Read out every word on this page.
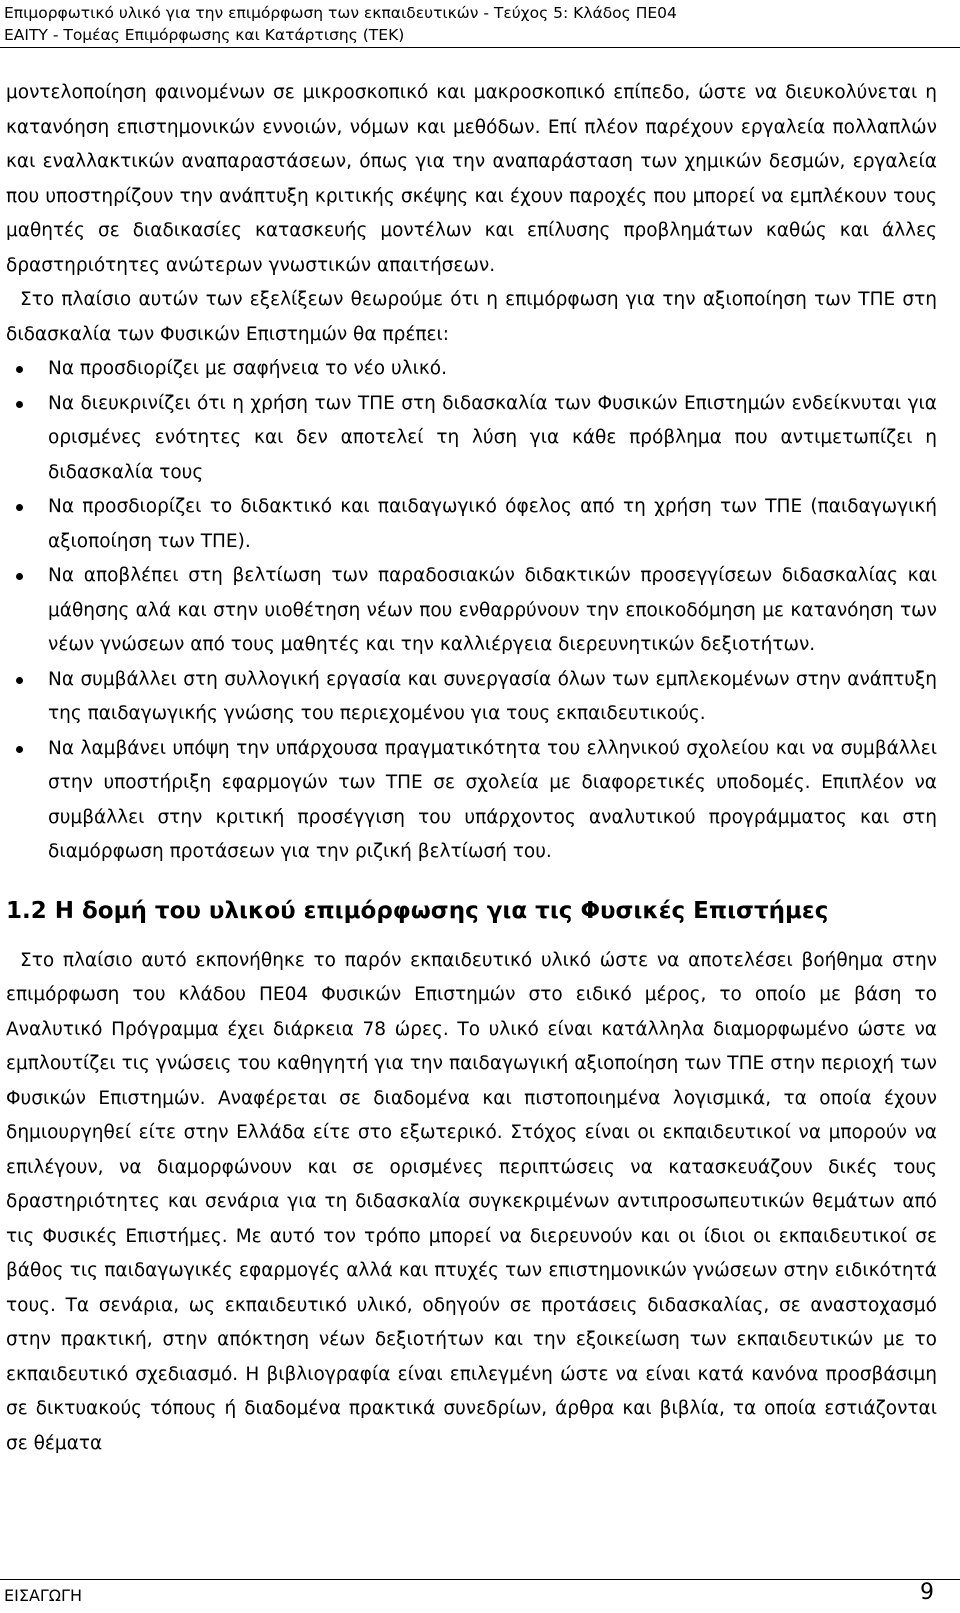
Επιμορφωτικό υλικό για την επιμόρφωση των εκπαιδευτικών - Τεύχος 5: Κλάδος ΠΕ04
ΕΑΙΤΥ - Τομέας Επιμόρφωσης και Κατάρτισης (ΤΕΚ)

μοντελοποίηση φαινομένων σε μικροσκοπικό και μακροσκοπικό επίπεδο, ώστε να διευκολύνεται η κατανόηση επιστημονικών εννοιών, νόμων και μεθόδων. Επί πλέον παρέχουν εργαλεία πολλαπλών και εναλλακτικών αναπαραστάσεων, όπως για την αναπαράσταση των χημικών δεσμών, εργαλεία που υποστηρίζουν την ανάπτυξη κριτικής σκέψης και έχουν παροχές που μπορεί να εμπλέκουν τους μαθητές σε διαδικασίες κατασκευής μοντέλων και επίλυσης προβλημάτων καθώς και άλλες δραστηριότητες ανώτερων γνωστικών απαιτήσεων.

Στο πλαίσιο αυτών των εξελίξεων θεωρούμε ότι η επιμόρφωση για την αξιοποίηση των ΤΠΕ στη διδασκαλία των Φυσικών Επιστημών θα πρέπει:

Να προσδιορίζει με σαφήνεια το νέο υλικό.
Να διευκρινίζει ότι η χρήση των ΤΠΕ στη διδασκαλία των Φυσικών Επιστημών ενδείκνυται για ορισμένες ενότητες και δεν αποτελεί τη λύση για κάθε πρόβλημα που αντιμετωπίζει η διδασκαλία τους
Να προσδιορίζει το διδακτικό και παιδαγωγικό όφελος από τη χρήση των ΤΠΕ (παιδαγωγική αξιοποίηση των ΤΠΕ).
Να αποβλέπει στη βελτίωση των παραδοσιακών διδακτικών προσεγγίσεων διδασκαλίας και μάθησης αλά και στην υιοθέτηση νέων που ενθαρρύνουν την εποικοδόμηση με κατανόηση των νέων γνώσεων από τους μαθητές και την καλλιέργεια διερευνητικών δεξιοτήτων.
Να συμβάλλει στη συλλογική εργασία και συνεργασία όλων των εμπλεκομένων στην ανάπτυξη της παιδαγωγικής γνώσης του περιεχομένου για τους εκπαιδευτικούς.
Να λαμβάνει υπόψη την υπάρχουσα πραγματικότητα του ελληνικού σχολείου και να συμβάλλει στην υποστήριξη εφαρμογών των ΤΠΕ σε σχολεία με διαφορετικές υποδομές. Επιπλέον να συμβάλλει στην κριτική προσέγγιση του υπάρχοντος αναλυτικού προγράμματος και στη διαμόρφωση προτάσεων για την ριζική βελτίωσή του.
1.2 Η δομή του υλικού επιμόρφωσης για τις Φυσικές Επιστήμες

Στο πλαίσιο αυτό εκπονήθηκε το παρόν εκπαιδευτικό υλικό ώστε να αποτελέσει βοήθημα στην επιμόρφωση του κλάδου ΠΕ04 Φυσικών Επιστημών στο ειδικό μέρος, το οποίο με βάση το Αναλυτικό Πρόγραμμα έχει διάρκεια 78 ώρες. Το υλικό είναι κατάλληλα διαμορφωμένο ώστε να εμπλουτίζει τις γνώσεις του καθηγητή για την παιδαγωγική αξιοποίηση των ΤΠΕ στην περιοχή των Φυσικών Επιστημών. Αναφέρεται σε διαδομένα και πιστοποιημένα λογισμικά, τα οποία έχουν δημιουργηθεί είτε στην Ελλάδα είτε στο εξωτερικό. Στόχος είναι οι εκπαιδευτικοί να μπορούν να επιλέγουν, να διαμορφώνουν και σε ορισμένες περιπτώσεις να κατασκευάζουν δικές τους δραστηριότητες και σενάρια για τη διδασκαλία συγκεκριμένων αντιπροσωπευτικών θεμάτων από τις Φυσικές Επιστήμες. Με αυτό τον τρόπο μπορεί να διερευνούν και οι ίδιοι οι εκπαιδευτικοί σε βάθος τις παιδαγωγικές εφαρμογές αλλά και πτυχές των επιστημονικών γνώσεων στην ειδικότητά τους. Τα σενάρια, ως εκπαιδευτικό υλικό, οδηγούν σε προτάσεις διδασκαλίας, σε αναστοχασμό στην πρακτική, στην απόκτηση νέων δεξιοτήτων και την εξοικείωση των εκπαιδευτικών με το εκπαιδευτικό σχεδιασμό. Η βιβλιογραφία είναι επιλεγμένη ώστε να είναι κατά κανόνα προσβάσιμη σε δικτυακούς τόπους ή διαδομένα πρακτικά συνεδρίων, άρθρα και βιβλία, τα οποία εστιάζονται σε θέματα

ΕΙΣΑΓΩΓΗ	9
